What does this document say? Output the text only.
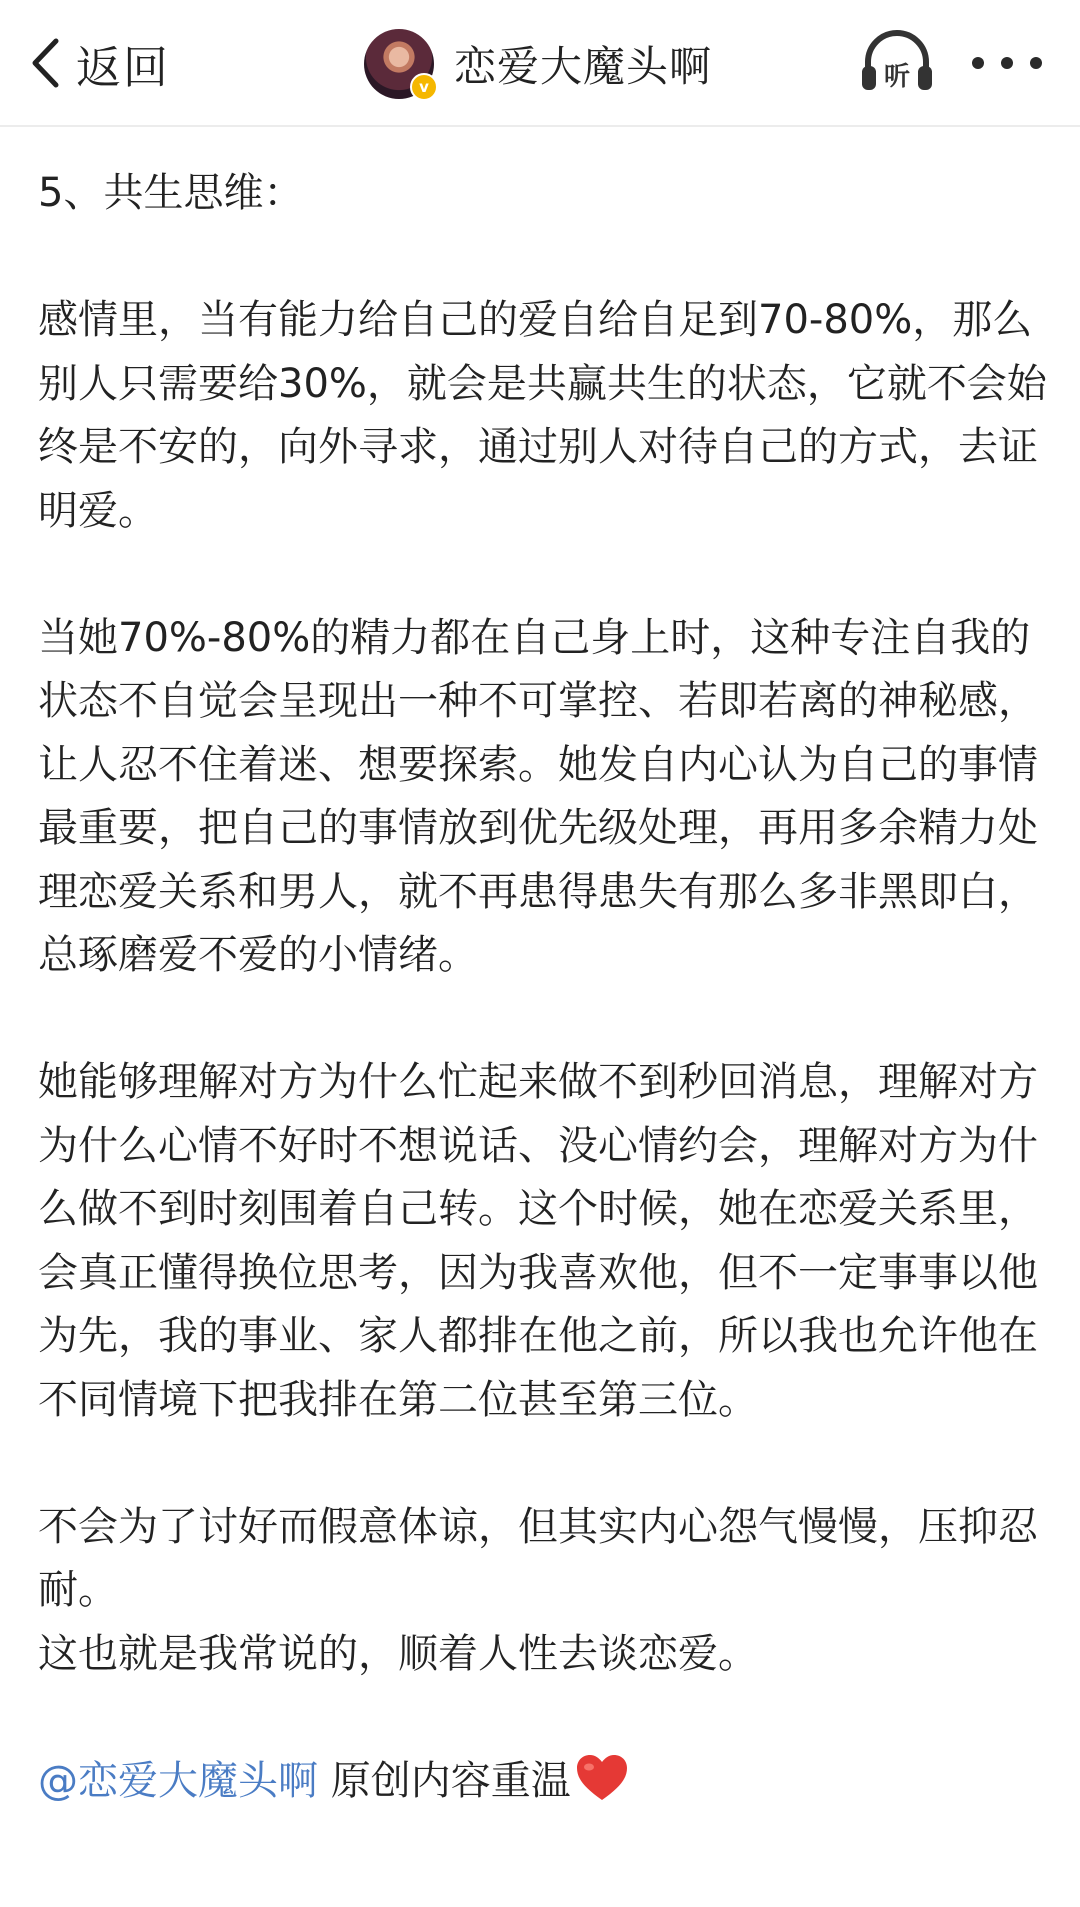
返回	v 恋爱大魔头啊	听

5、共生思维：

感情里，当有能力给自己的爱自给自足到70-80%，那么别人只需要给30%，就会是共赢共生的状态，它就不会始终是不安的，向外寻求，通过别人对待自己的方式，去证明爱。

当她70%-80%的精力都在自己身上时，这种专注自我的状态不自觉会呈现出一种不可掌控、若即若离的神秘感，让人忍不住着迷、想要探索。她发自内心认为自己的事情最重要，把自己的事情放到优先级处理，再用多余精力处理恋爱关系和男人，就不再患得患失有那么多非黑即白，总琢磨爱不爱的小情绪。

她能够理解对方为什么忙起来做不到秒回消息，理解对方为什么心情不好时不想说话、没心情约会，理解对方为什么做不到时刻围着自己转。这个时候，她在恋爱关系里，会真正懂得换位思考，因为我喜欢他，但不一定事事以他为先，我的事业、家人都排在他之前，所以我也允许他在不同情境下把我排在第二位甚至第三位。

不会为了讨好而假意体谅，但其实内心怨气慢慢，压抑忍耐。

这也就是我常说的，顺着人性去谈恋爱。

@恋爱大魔头啊 原创内容重温
